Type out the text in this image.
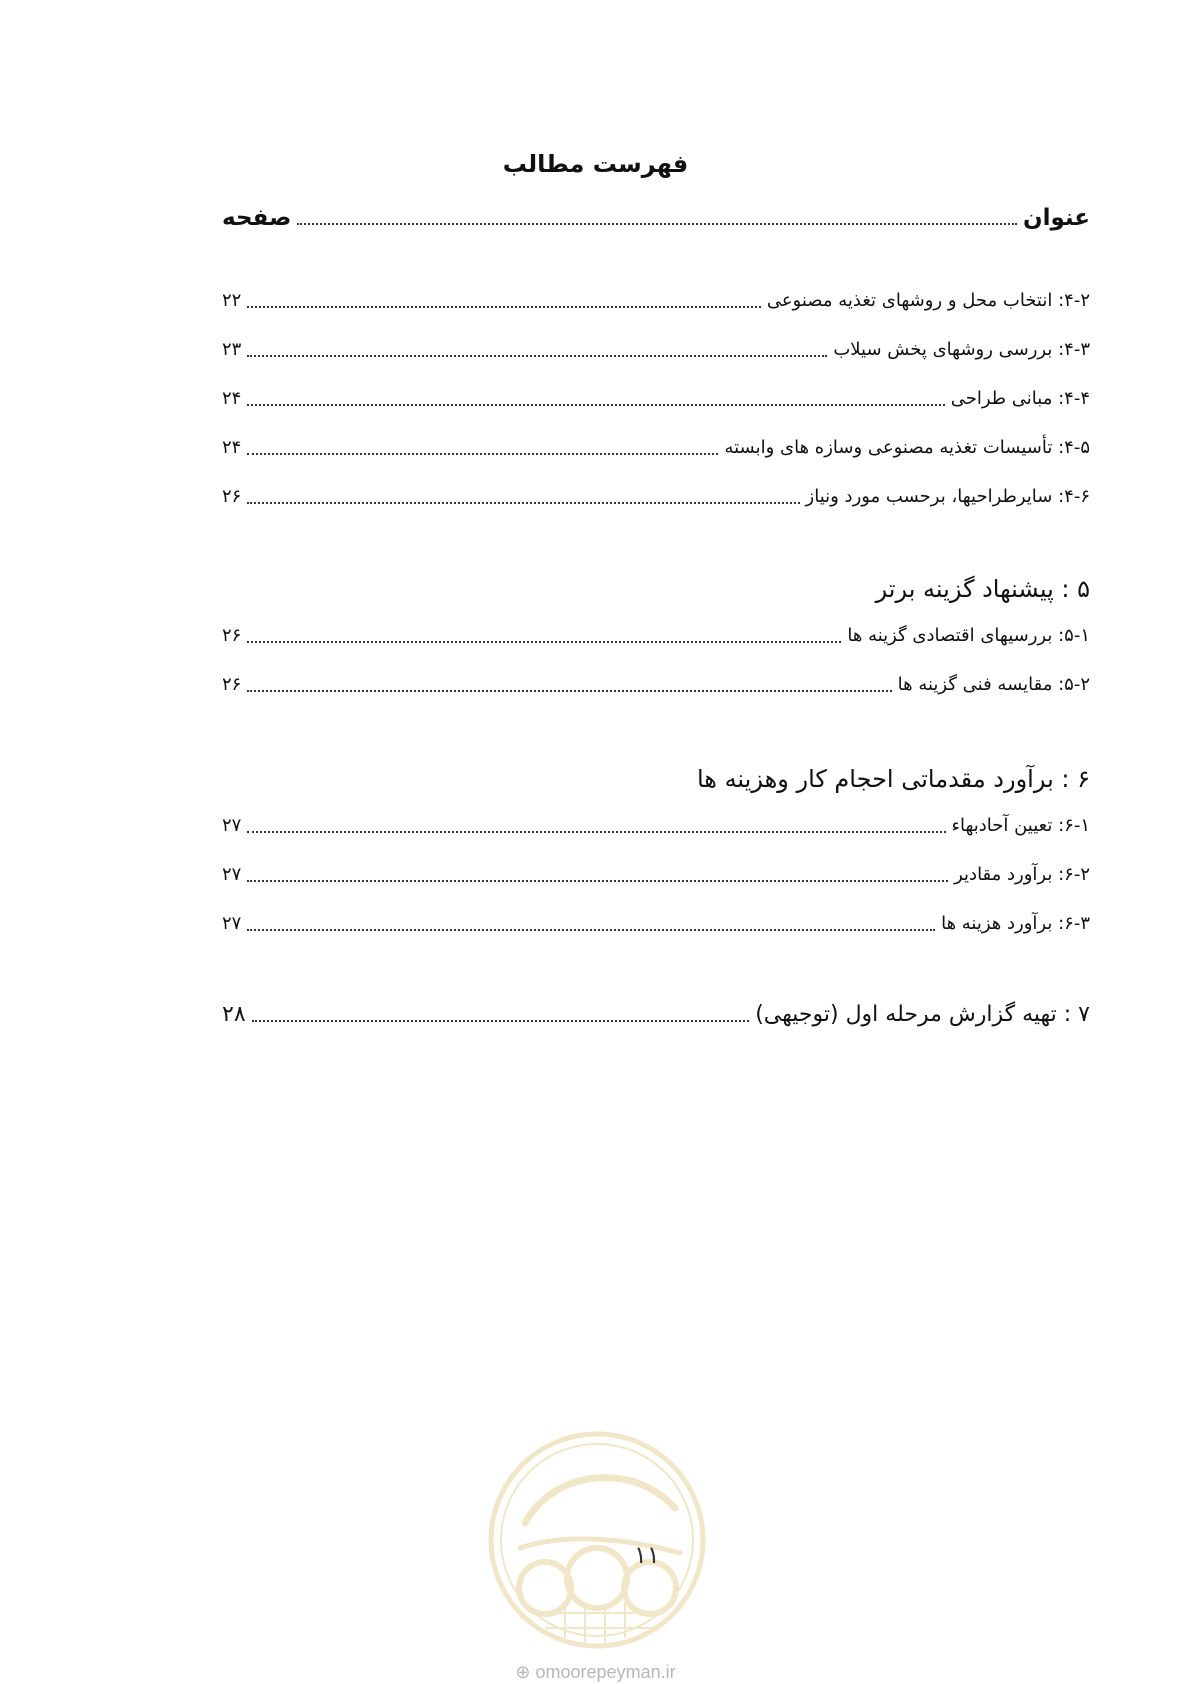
فهرست مطالب
عنوان
صفحه
۴-۲: انتخاب محل و روشهای تغذیه مصنوعی
۲۲
۴-۳: بررسی روشهای پخش سیلاب
۲۳
۴-۴: مبانی طراحی
۲۴
۴-۵: تأسیسات تغذیه مصنوعی وسازه های وابسته
۲۴
۴-۶: سایرطراحیها، برحسب مورد ونیاز
۲۶
۵ : پیشنهاد گزینه برتر
۵-۱: بررسیهای اقتصادی گزینه ها
۲۶
۵-۲: مقایسه فنی گزینه ها
۲۶
۶ : برآورد مقدماتی احجام کار وهزینه ها
۶-۱: تعیین آحادبهاء
۲۷
۶-۲: برآورد مقادیر
۲۷
۶-۳: برآورد هزینه ها
۲۷
۷ : تهیه گزارش مرحله اول (توجیهی)
۲۸
۱۱
⊕ omoorepeyman.ir
